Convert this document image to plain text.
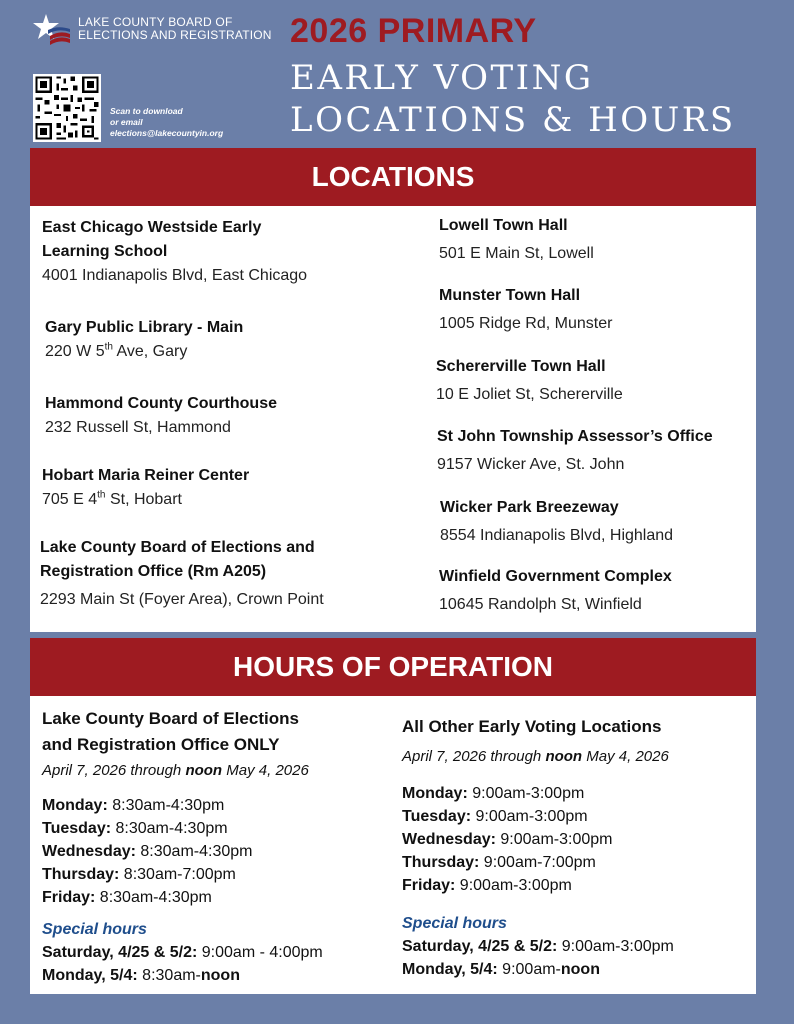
LAKE COUNTY BOARD OF
ELECTIONS AND REGISTRATION
Scan to download
or email
elections@lakecountyin.org
2026 PRIMARY
EARLY VOTING
LOCATIONS & HOURS
LOCATIONS
East Chicago Westside Early
Learning School
4001 Indianapolis Blvd, East Chicago
Gary Public Library - Main
220 W 5th Ave, Gary
Hammond County Courthouse
232 Russell St, Hammond
Hobart Maria Reiner Center
705 E 4th St, Hobart
Lake County Board of Elections and
Registration Office (Rm A205)
2293 Main St (Foyer Area), Crown Point
Lowell Town Hall
501 E Main St, Lowell
Munster Town Hall
1005 Ridge Rd, Munster
Schererville Town Hall
10 E Joliet St, Schererville
St John Township Assessor’s Office
9157 Wicker Ave, St. John
Wicker Park Breezeway
8554 Indianapolis Blvd, Highland
Winfield Government Complex
10645 Randolph St, Winfield
HOURS OF OPERATION
Lake County Board of Elections
and Registration Office ONLY
April 7, 2026 through noon May 4, 2026
Monday: 8:30am-4:30pm
Tuesday: 8:30am-4:30pm
Wednesday: 8:30am-4:30pm
Thursday: 8:30am-7:00pm
Friday: 8:30am-4:30pm
Special hours
Saturday, 4/25 & 5/2: 9:00am - 4:00pm
Monday, 5/4: 8:30am-noon
All Other Early Voting Locations
April 7, 2026 through noon May 4, 2026
Monday: 9:00am-3:00pm
Tuesday: 9:00am-3:00pm
Wednesday: 9:00am-3:00pm
Thursday: 9:00am-7:00pm
Friday: 9:00am-3:00pm
Special hours
Saturday, 4/25 & 5/2: 9:00am-3:00pm
Monday, 5/4: 9:00am-noon
